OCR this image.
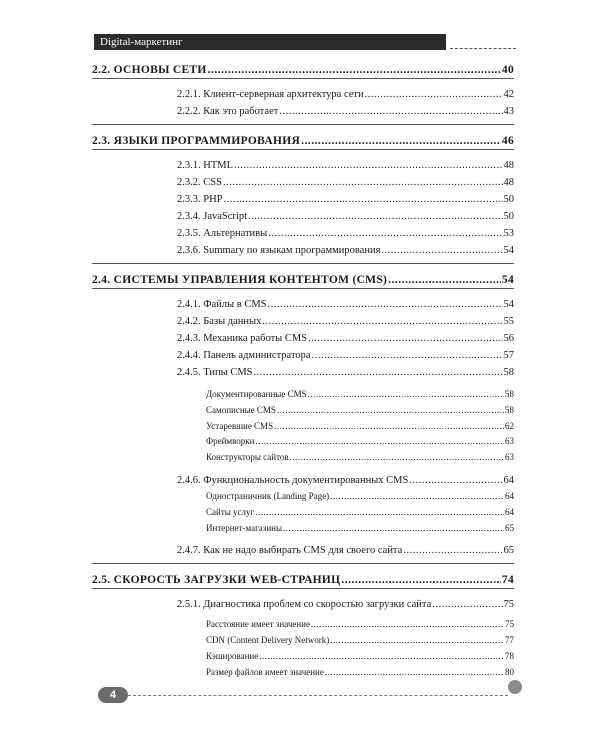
Digital-маркетинг
2.2. ОСНОВЫ СЕТИ .....	40
2.2.1. Клиент-серверная архитектура сети .....	42
2.2.2. Как это работает .....	43
2.3. ЯЗЫКИ ПРОГРАММИРОВАНИЯ .....	46
2.3.1. HTML .....	48
2.3.2. CSS .....	48
2.3.3. PHP .....	50
2.3.4. JavaScript .....	50
2.3.5. Альтернативы .....	53
2.3.6. Summary по языкам программирования .....	54
2.4. СИСТЕМЫ УПРАВЛЕНИЯ КОНТЕНТОМ (CMS) .....	54
2.4.1. Файлы в CMS .....	54
2.4.2. Базы данных .....	55
2.4.3. Механика работы CMS .....	56
2.4.4. Панель администратора .....	57
2.4.5. Типы CMS .....	58
Документированные CMS .....	58
Самописные CMS .....	58
Устаревшие CMS .....	62
Фреймворки .....	63
Конструкторы сайтов .....	63
2.4.6. Функциональность документированных CMS .....	64
Одностраничник (Landing Page) .....	64
Сайты услуг .....	64
Интернет-магазины .....	65
2.4.7. Как не надо выбирать CMS для своего сайта .....	65
2.5. СКОРОСТЬ ЗАГРУЗКИ WEB-СТРАНИЦ .....	74
2.5.1. Диагностика проблем со скоростью загрузки сайта .....	75
Расстояние имеет значение .....	75
CDN (Content Delivery Network) .....	77
Кэширование .....	78
Размер файлов имеет значение .....	80
4
